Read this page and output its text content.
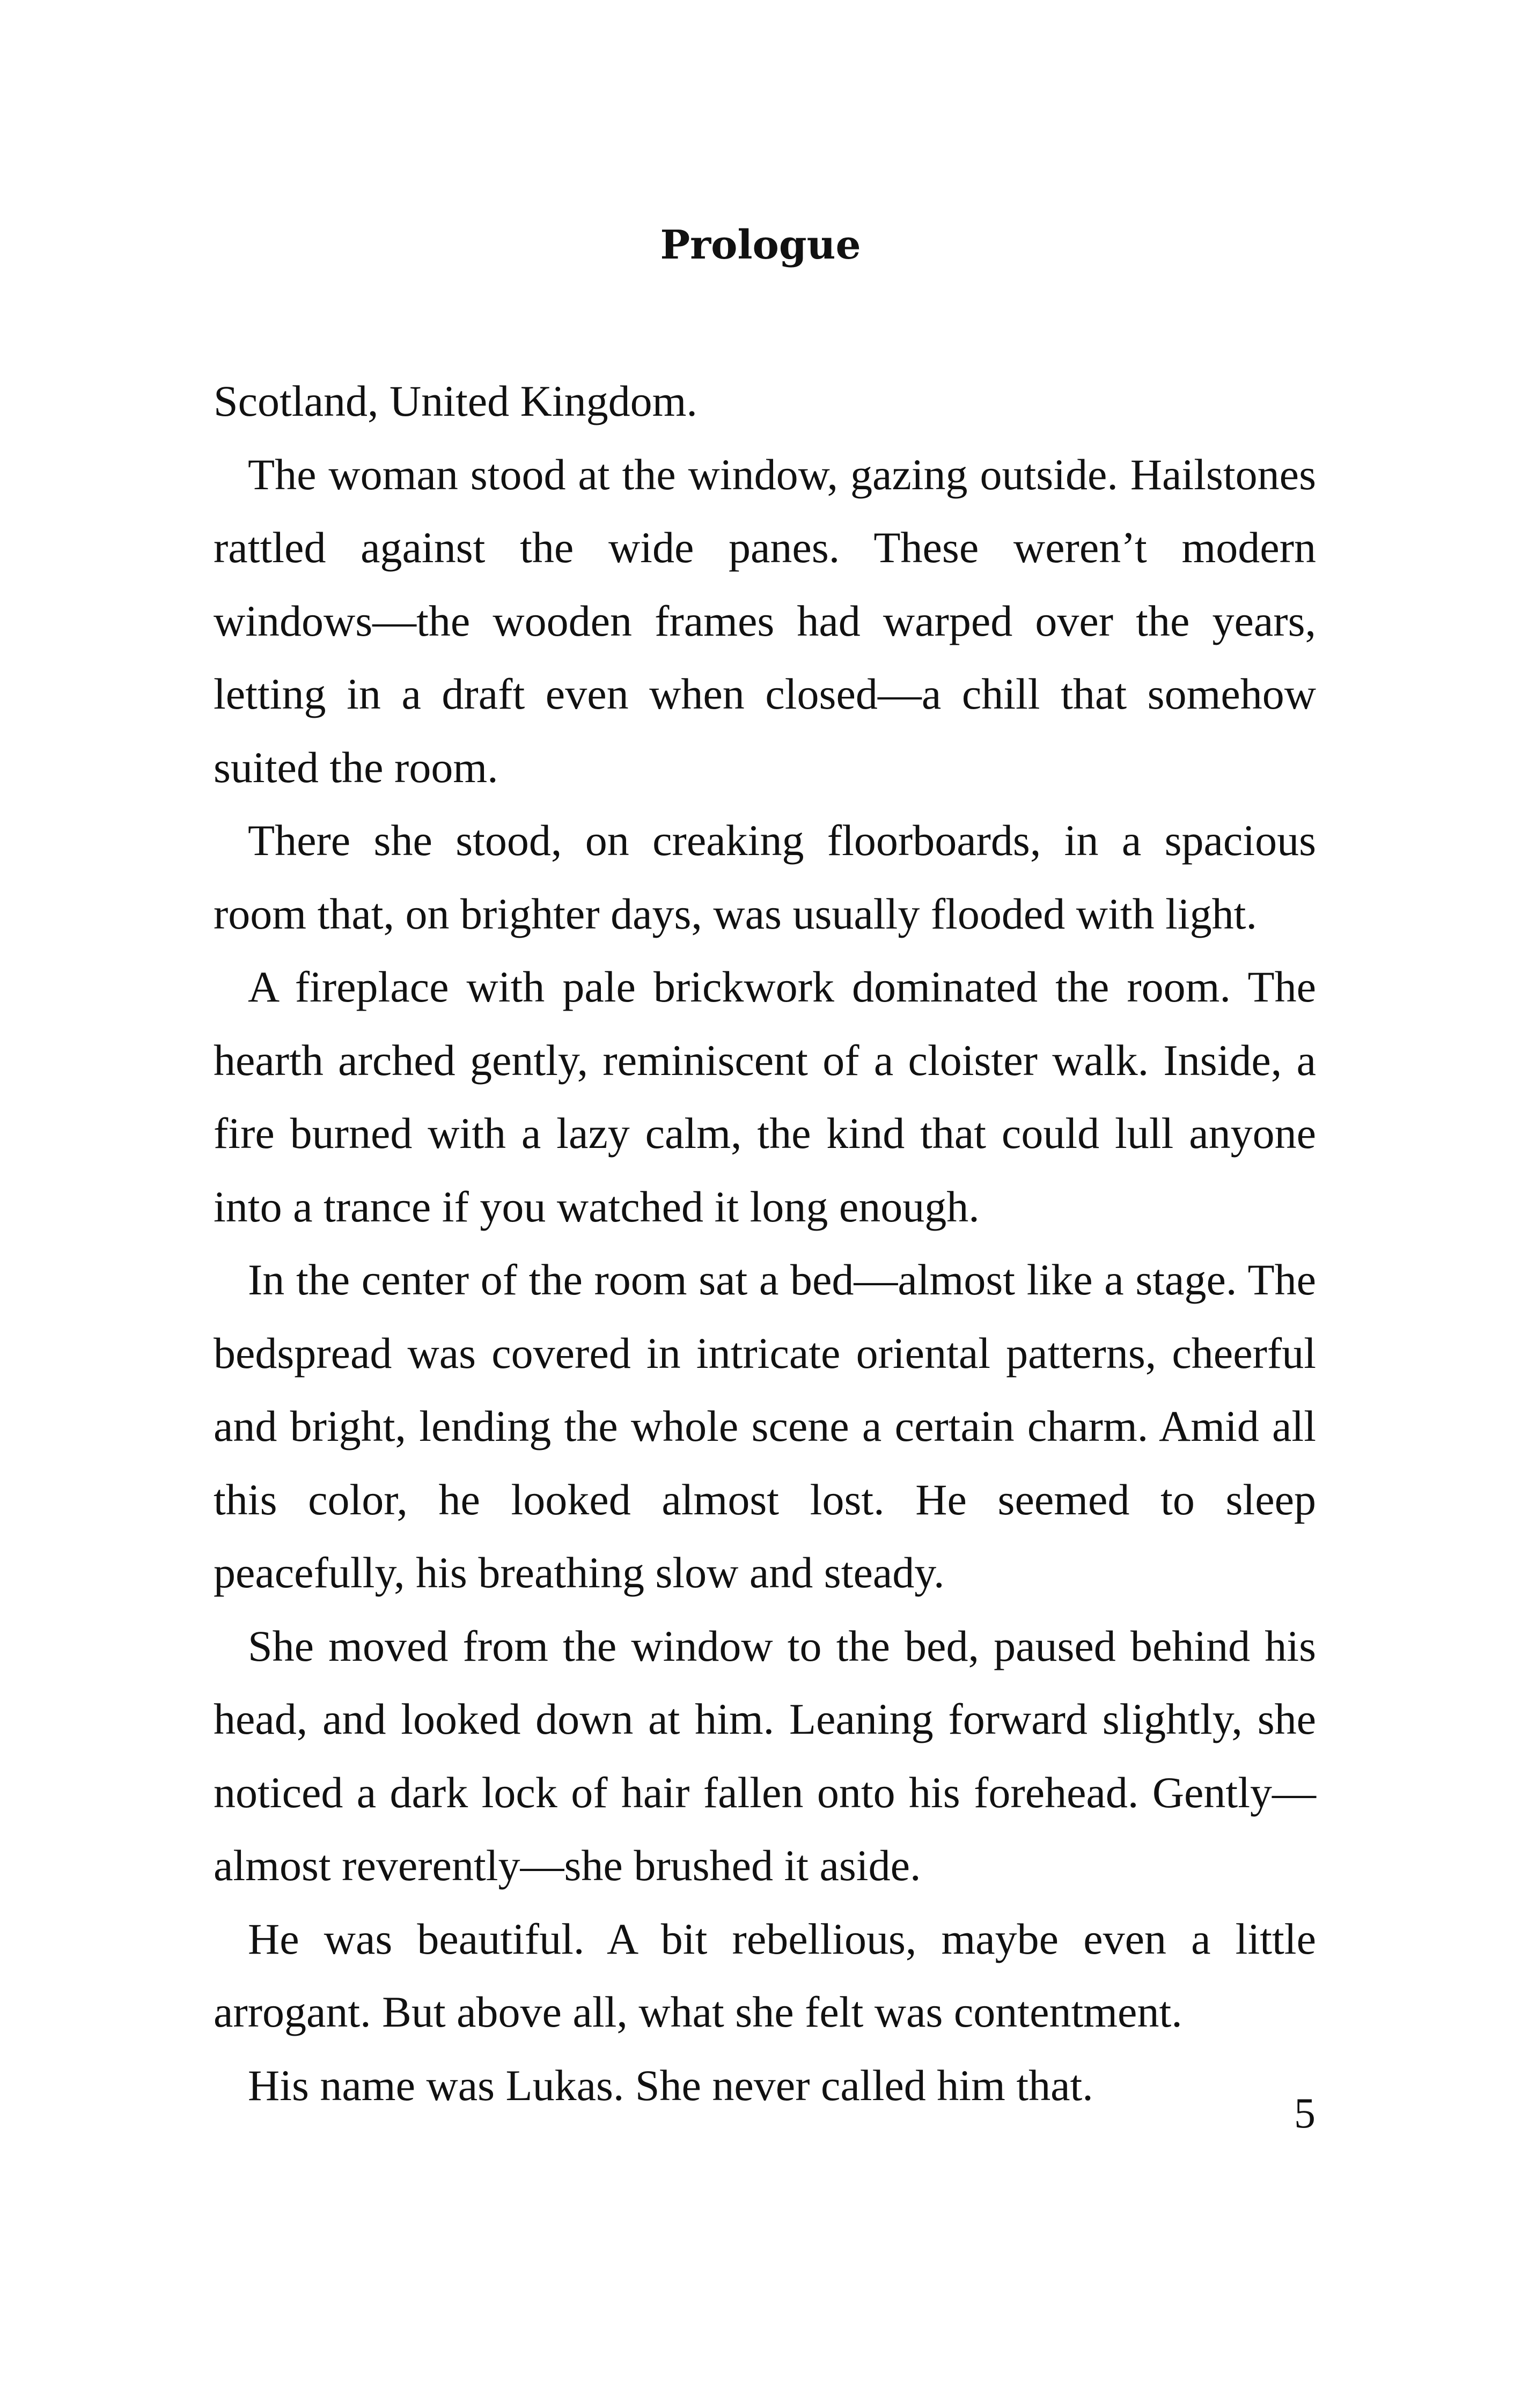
Prologue

Scotland, United Kingdom.

The woman stood at the window, gazing outside. Hailstones rattled against the wide panes. These weren’t modern windows—the wooden frames had warped over the years, letting in a draft even when closed—a chill that somehow suited the room.

There she stood, on creaking floorboards, in a spacious room that, on brighter days, was usually flooded with light.

A fireplace with pale brickwork dominated the room. The hearth arched gently, reminiscent of a cloister walk. Inside, a fire burned with a lazy calm, the kind that could lull anyone into a trance if you watched it long enough.

In the center of the room sat a bed—almost like a stage. The bedspread was covered in intricate oriental patterns, cheerful and bright, lending the whole scene a certain charm. Amid all this color, he looked almost lost. He seemed to sleep peacefully, his breathing slow and steady.

She moved from the window to the bed, paused behind his head, and looked down at him. Leaning forward slightly, she noticed a dark lock of hair fallen onto his forehead. Gently—almost reverently—she brushed it aside.

He was beautiful. A bit rebellious, maybe even a little arrogant. But above all, what she felt was contentment.

His name was Lukas. She never called him that.

5
